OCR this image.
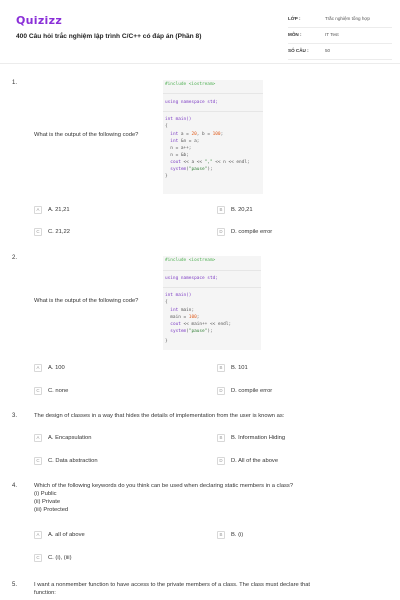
Quizizz
400 Câu hỏi trắc nghiệm lập trình C/C++ có đáp án (Phần 8)
LỚP :	Trắc nghiệm tổng hợp
MÔN :	IT Test
SỐ CÂU :	50
1.
What is the output of the following code?
#include <iostream>
using namespace std;
int main()
{
int a = 20, b = 100;
int &n = a;
n = a++;
n = &b;
cout << a << "," << n << endl;
system("pause");
}
A	A. 21,21	B	B. 20,21
C	C. 21,22	D	D. compile error
2.
What is the output of the following code?
#include <iostream>
using namespace std;
int main()
{
int main;
main = 100;
cout << main++ << endl;
system("pause");
}
A	A. 100	B	B. 101
C	C. none	D	D. compile error
3.	The design of classes in a way that hides the details of implementation from the user is known as:
A	A. Encapsulation	B	B. Information Hiding
C	C. Data abstraction	D	D. All of the above
4.	Which of the following keywords do you think can be used when declaring static members in a class?
(i) Public
(ii) Private
(iii) Protected
A	A. all of above	B	B. (i)
C	C. (i), (iii)
5.	I want a nonmember function to have access to the private members of a class. The class must declare that
function:
